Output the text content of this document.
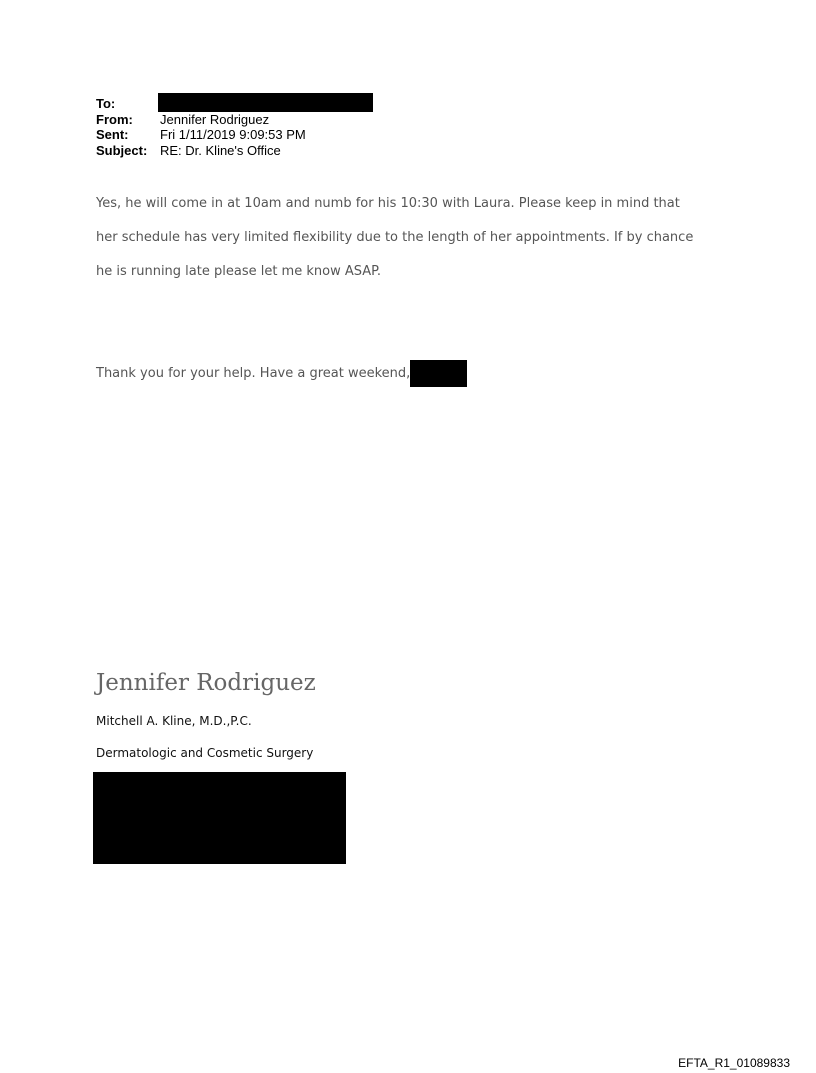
To:
From:	Jennifer Rodriguez
Sent:	Fri 1/11/2019 9:09:53 PM
Subject: RE: Dr. Kline's Office
Yes, he will come in at 10am and numb for his 10:30 with Laura. Please keep in mind that
her schedule has very limited flexibility due to the length of her appointments. If by chance
he is running late please let me know ASAP.
Thank you for your help. Have a great weekend,
Jennifer Rodriguez
Mitchell A. Kline, M.D.,P.C.
Dermatologic and Cosmetic Surgery
EFTA_R1_01089833
